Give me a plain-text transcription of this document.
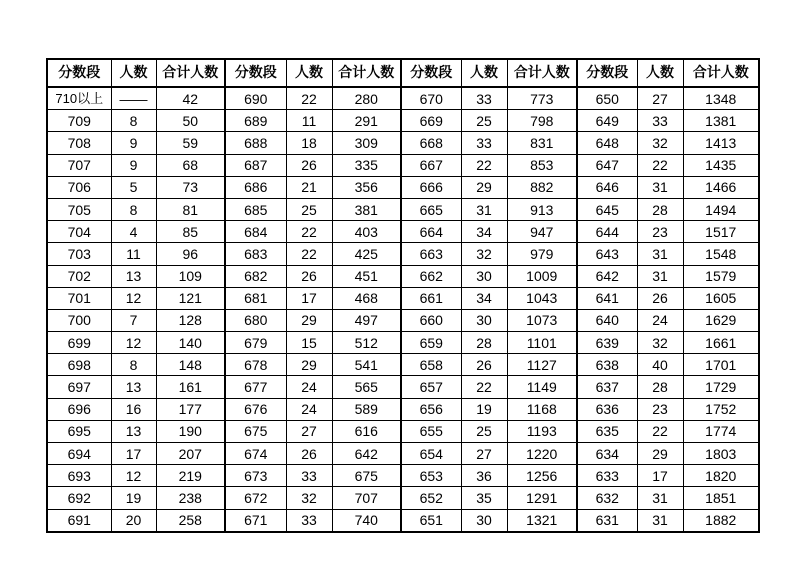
分数段	人数	合计人数	分数段	人数	合计人数	分数段	人数	合计人数	分数段	人数	合计人数
710以上	——	42	690	22	280	670	33	773	650	27	1348
709	8	50	689	11	291	669	25	798	649	33	1381
708	9	59	688	18	309	668	33	831	648	32	1413
707	9	68	687	26	335	667	22	853	647	22	1435
706	5	73	686	21	356	666	29	882	646	31	1466
705	8	81	685	25	381	665	31	913	645	28	1494
704	4	85	684	22	403	664	34	947	644	23	1517
703	11	96	683	22	425	663	32	979	643	31	1548
702	13	109	682	26	451	662	30	1009	642	31	1579
701	12	121	681	17	468	661	34	1043	641	26	1605
700	7	128	680	29	497	660	30	1073	640	24	1629
699	12	140	679	15	512	659	28	1101	639	32	1661
698	8	148	678	29	541	658	26	1127	638	40	1701
697	13	161	677	24	565	657	22	1149	637	28	1729
696	16	177	676	24	589	656	19	1168	636	23	1752
695	13	190	675	27	616	655	25	1193	635	22	1774
694	17	207	674	26	642	654	27	1220	634	29	1803
693	12	219	673	33	675	653	36	1256	633	17	1820
692	19	238	672	32	707	652	35	1291	632	31	1851
691	20	258	671	33	740	651	30	1321	631	31	1882
